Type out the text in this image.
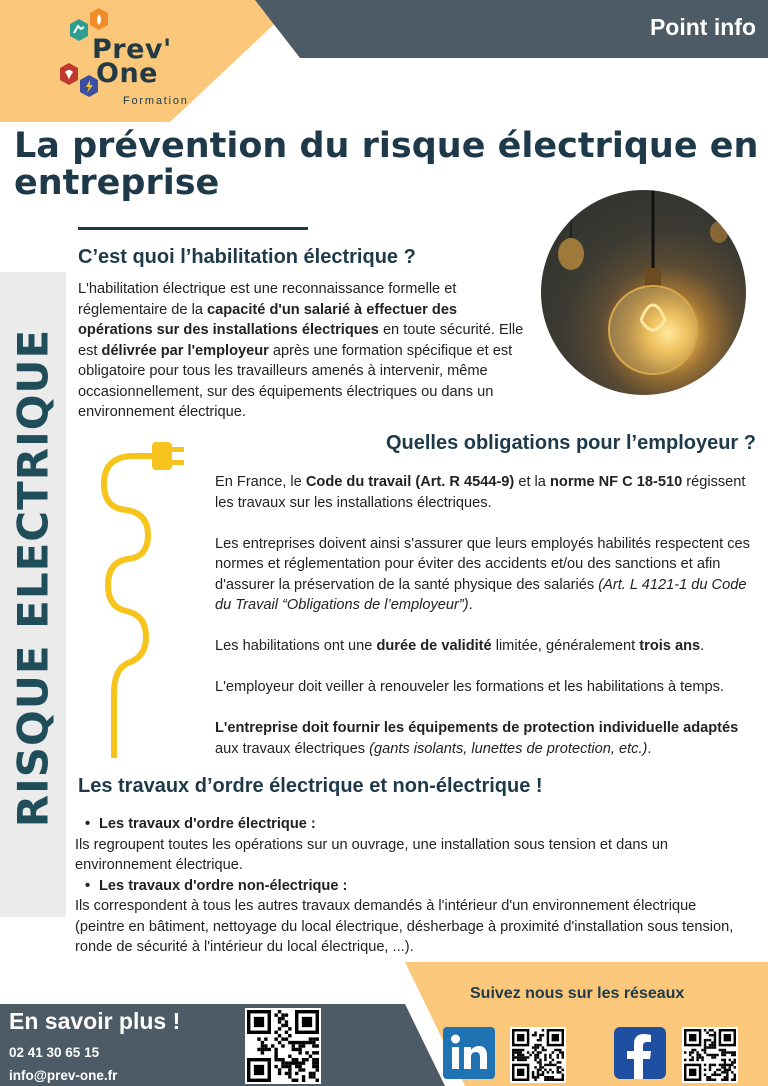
Point info
Prev'
One
Formation
La prévention du risque électrique en entreprise
RISQUE ELECTRIQUE
C’est quoi l’habilitation électrique ?
L'habilitation électrique est une reconnaissance formelle et réglementaire de la capacité d'un salarié à effectuer des opérations sur des installations électriques en toute sécurité. Elle est délivrée par l'employeur après une formation spécifique et est obligatoire pour tous les travailleurs amenés à intervenir, même occasionnellement, sur des équipements électriques ou dans un environnement électrique.
Quelles obligations pour l’employeur ?

En France, le Code du travail (Art. R 4544-9) et la norme NF C 18-510 régissent les travaux sur les installations électriques.

Les entreprises doivent ainsi s'assurer que leurs employés habilités respectent ces normes et réglementation pour éviter des accidents et/ou des sanctions et afin d'assurer la préservation de la santé physique des salariés (Art. L 4121-1 du Code du Travail “Obligations de l’employeur”).

Les habilitations ont une durée de validité limitée, généralement trois ans.

L'employeur doit veiller à renouveler les formations et les habilitations à temps.

L'entreprise doit fournir les équipements de protection individuelle adaptés aux travaux électriques (gants isolants, lunettes de protection, etc.).

Les travaux d’ordre électrique et non-électrique !
• Les travaux d'ordre électrique :
Ils regroupent toutes les opérations sur un ouvrage, une installation sous tension et dans un environnement électrique.
• Les travaux d'ordre non-électrique :
Ils correspondent à tous les autres travaux demandés à l'intérieur d'un environnement électrique (peintre en bâtiment, nettoyage du local électrique, désherbage à proximité d'installation sous tension, ronde de sécurité à l'intérieur du local électrique, ...).
En savoir plus !
02 41 30 65 15
info@prev-one.fr
Suivez nous sur les réseaux
